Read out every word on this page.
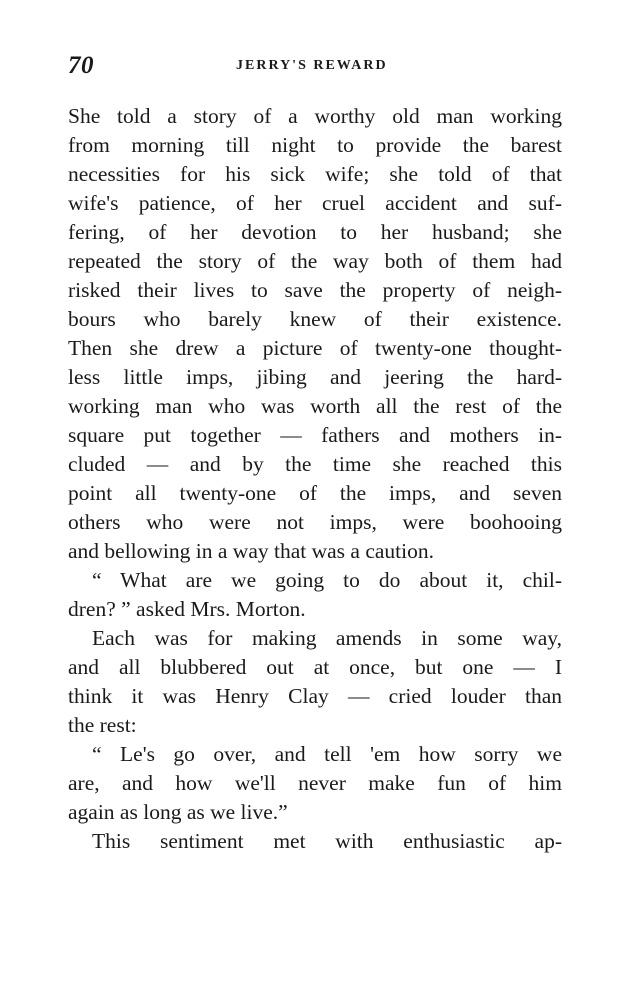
70	JERRY'S REWARD
She told a story of a worthy old man working
from morning till night to provide the barest
necessities for his sick wife; she told of that
wife's patience, of her cruel accident and suf-
fering, of her devotion to her husband; she
repeated the story of the way both of them had
risked their lives to save the property of neigh-
bours who barely knew of their existence.
Then she drew a picture of twenty-one thought-
less little imps, jibing and jeering the hard-
working man who was worth all the rest of the
square put together — fathers and mothers in-
cluded — and by the time she reached this
point all twenty-one of the imps, and seven
others who were not imps, were boohooing
and bellowing in a way that was a caution.
“ What are we going to do about it, chil-
dren? ” asked Mrs. Morton.
Each was for making amends in some way,
and all blubbered out at once, but one — I
think it was Henry Clay — cried louder than
the rest:
“ Le's go over, and tell 'em how sorry we
are, and how we'll never make fun of him
again as long as we live.”
This sentiment met with enthusiastic ap-
